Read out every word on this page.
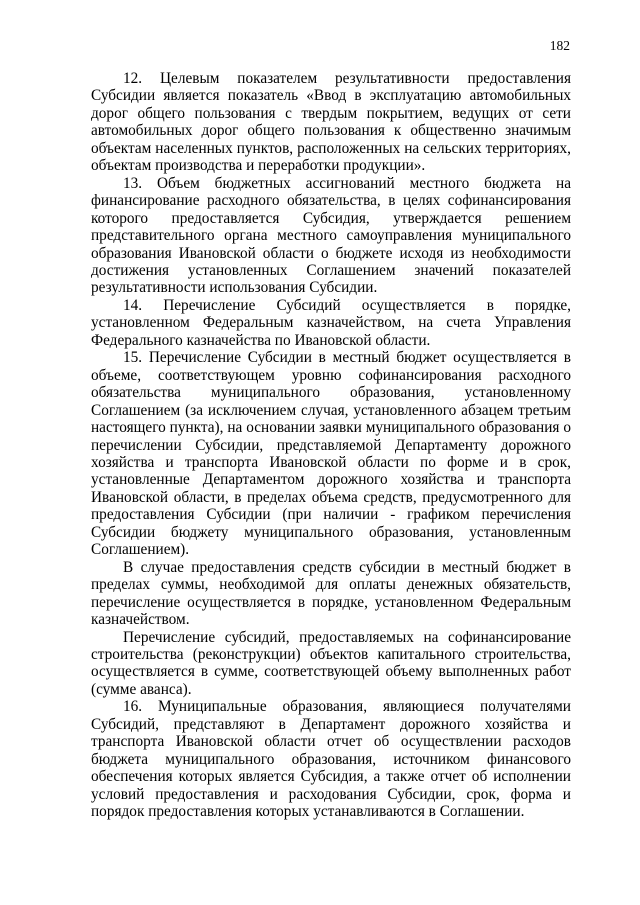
182

12. Целевым показателем результативности предоставления Субсидии является показатель «Ввод в эксплуатацию автомобильных дорог общего пользования с твердым покрытием, ведущих от сети автомобильных дорог общего пользования к общественно значимым объектам населенных пунктов, расположенных на сельских территориях, объектам производства и переработки продукции».

13. Объем бюджетных ассигнований местного бюджета на финансирование расходного обязательства, в целях софинансирования которого предоставляется Субсидия, утверждается решением представительного органа местного самоуправления муниципального образования Ивановской области о бюджете исходя из необходимости достижения установленных Соглашением значений показателей результативности использования Субсидии.

14. Перечисление Субсидий осуществляется в порядке, установленном Федеральным казначейством, на счета Управления Федерального казначейства по Ивановской области.

15. Перечисление Субсидии в местный бюджет осуществляется в объеме, соответствующем уровню софинансирования расходного обязательства муниципального образования, установленному Соглашением (за исключением случая, установленного абзацем третьим настоящего пункта), на основании заявки муниципального образования о перечислении Субсидии, представляемой Департаменту дорожного хозяйства и транспорта Ивановской области по форме и в срок, установленные Департаментом дорожного хозяйства и транспорта Ивановской области, в пределах объема средств, предусмотренного для предоставления Субсидии (при наличии - графиком перечисления Субсидии бюджету муниципального образования, установленным Соглашением).

В случае предоставления средств субсидии в местный бюджет в пределах суммы, необходимой для оплаты денежных обязательств, перечисление осуществляется в порядке, установленном Федеральным казначейством.

Перечисление субсидий, предоставляемых на софинансирование строительства (реконструкции) объектов капитального строительства, осуществляется в сумме, соответствующей объему выполненных работ (сумме аванса).

16. Муниципальные образования, являющиеся получателями Субсидий, представляют в Департамент дорожного хозяйства и транспорта Ивановской области отчет об осуществлении расходов бюджета муниципального образования, источником финансового обеспечения которых является Субсидия, а также отчет об исполнении условий предоставления и расходования Субсидии, срок, форма и порядок предоставления которых устанавливаются в Соглашении.
